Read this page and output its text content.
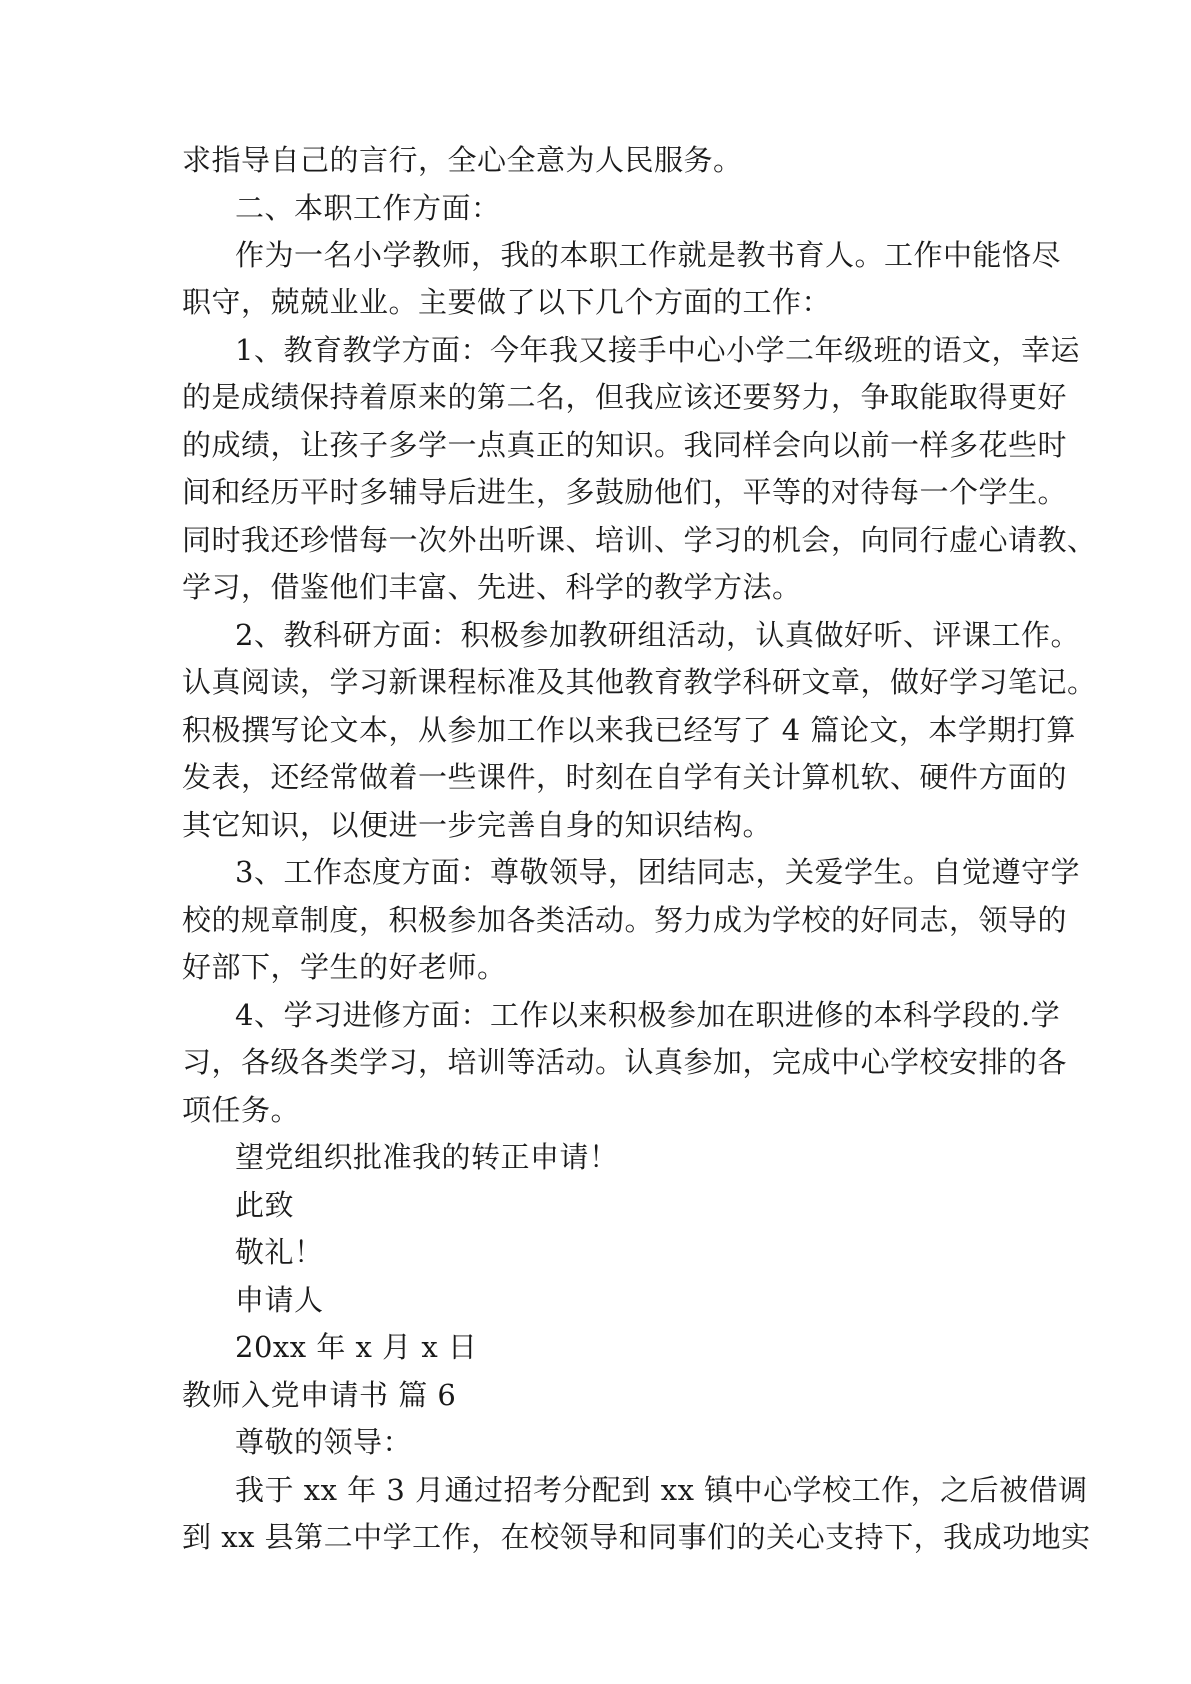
求指导自己的言行，全心全意为人民服务。
二、本职工作方面：
作为一名小学教师，我的本职工作就是教书育人。工作中能恪尽
职守，兢兢业业。主要做了以下几个方面的工作：
1、教育教学方面：今年我又接手中心小学二年级班的语文，幸运
的是成绩保持着原来的第二名，但我应该还要努力，争取能取得更好
的成绩，让孩子多学一点真正的知识。我同样会向以前一样多花些时
间和经历平时多辅导后进生，多鼓励他们，平等的对待每一个学生。
同时我还珍惜每一次外出听课、培训、学习的机会，向同行虚心请教、
学习，借鉴他们丰富、先进、科学的教学方法。
2、教科研方面：积极参加教研组活动，认真做好听、评课工作。
认真阅读，学习新课程标准及其他教育教学科研文章，做好学习笔记。
积极撰写论文本，从参加工作以来我已经写了 4 篇论文，本学期打算
发表，还经常做着一些课件，时刻在自学有关计算机软、硬件方面的
其它知识，以便进一步完善自身的知识结构。
3、工作态度方面：尊敬领导，团结同志，关爱学生。自觉遵守学
校的规章制度，积极参加各类活动。努力成为学校的好同志，领导的
好部下，学生的好老师。
4、学习进修方面：工作以来积极参加在职进修的本科学段的.学
习，各级各类学习，培训等活动。认真参加，完成中心学校安排的各
项任务。
望党组织批准我的转正申请！
此致
敬礼！
申请人
20xx 年 x 月 x 日
教师入党申请书 篇 6
尊敬的领导：
我于 xx 年 3 月通过招考分配到 xx 镇中心学校工作，之后被借调
到 xx 县第二中学工作，在校领导和同事们的关心支持下，我成功地实
